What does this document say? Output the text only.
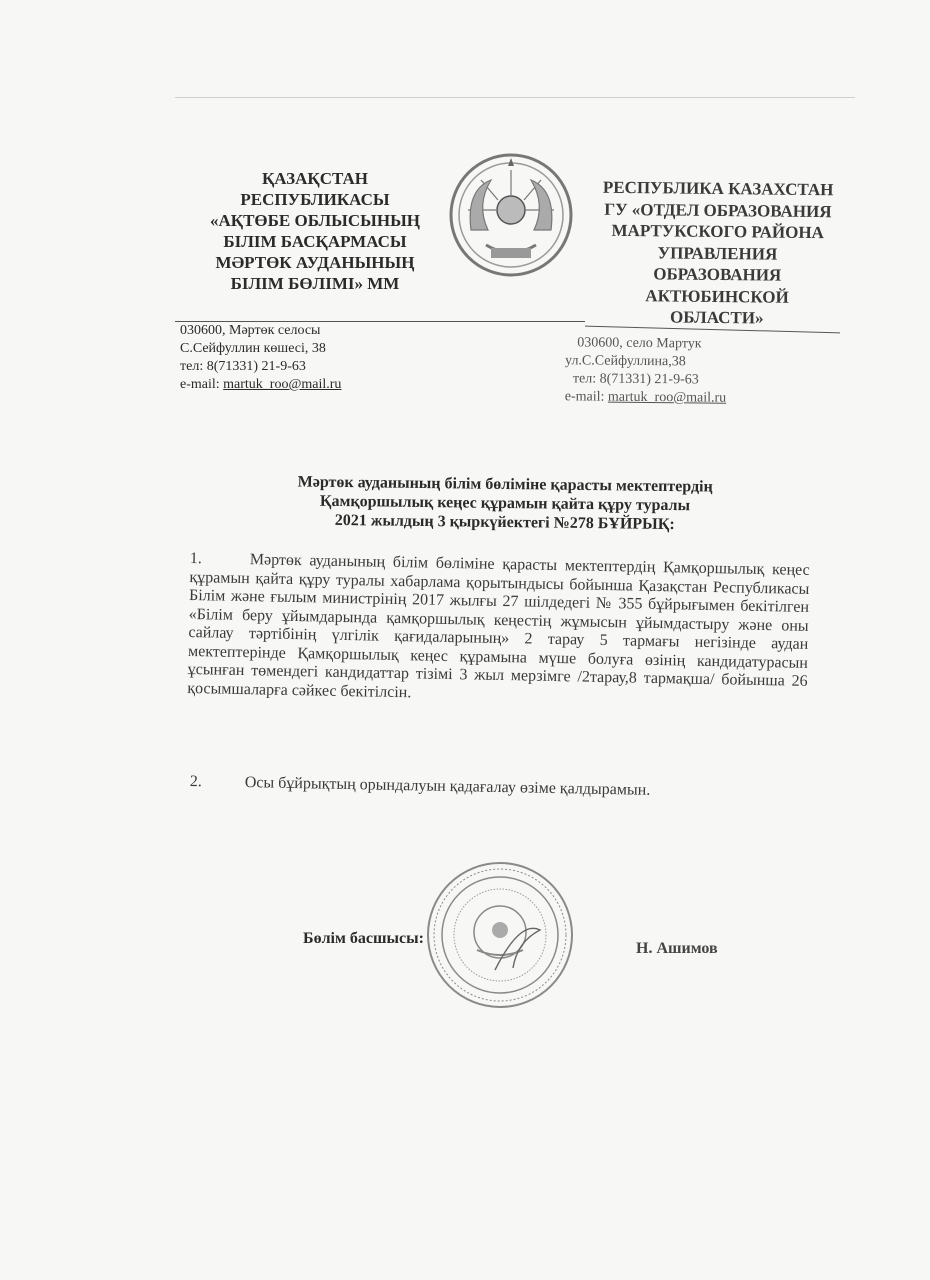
ҚАЗАҚСТАН
РЕСПУБЛИКАСЫ
«АҚТӨБЕ ОБЛЫСЫНЫҢ
БІЛІМ БАСҚАРМАСЫ
МӘРТӨК АУДАНЫНЫҢ
БІЛІМ БӨЛІМІ» ММ
РЕСПУБЛИКА КАЗАХСТАН
ГУ «ОТДЕЛ ОБРАЗОВАНИЯ
МАРТУКСКОГО РАЙОНА
УПРАВЛЕНИЯ
ОБРАЗОВАНИЯ
АКТЮБИНСКОЙ
ОБЛАСТИ»
030600, Мәртөк селосы
С.Сейфуллин көшесі, 38
тел: 8(71331) 21-9-63
e-mail: martuk_roo@mail.ru
030600, село Мартук
ул.С.Сейфуллина,38
тел: 8(71331) 21-9-63
e-mail: martuk_roo@mail.ru
Мәртөк ауданының білім бөліміне қарасты мектептердің
Қамқоршылық кеңес құрамын қайта құру туралы
2021 жылдың 3 қыркүйектегі №278 БҰЙРЫҚ:
1.	Мәртөк ауданының білім бөліміне қарасты мектептердің Қамқоршылық кеңес құрамын қайта құру туралы хабарлама қорытындысы бойынша Қазақстан Республикасы Білім және ғылым министрінің 2017 жылғы 27 шілдедегі № 355 бұйрығымен бекітілген «Білім беру ұйымдарында қамқоршылық кеңестің жұмысын ұйымдастыру және оны сайлау тәртібінің үлгілік қағидаларының» 2 тарау 5 тармағы негізінде аудан мектептерінде Қамқоршылық кеңес құрамына мүше болуға өзінің кандидатурасын ұсынған төмендегі кандидаттар тізімі 3 жыл мерзімге /2тарау,8 тармақша/ бойынша 26 қосымшаларға сәйкес бекітілсін.
2.	Осы бұйрықтың орындалуын қадағалау өзіме қалдырамын.
Бөлім басшысы:
Н. Ашимов
